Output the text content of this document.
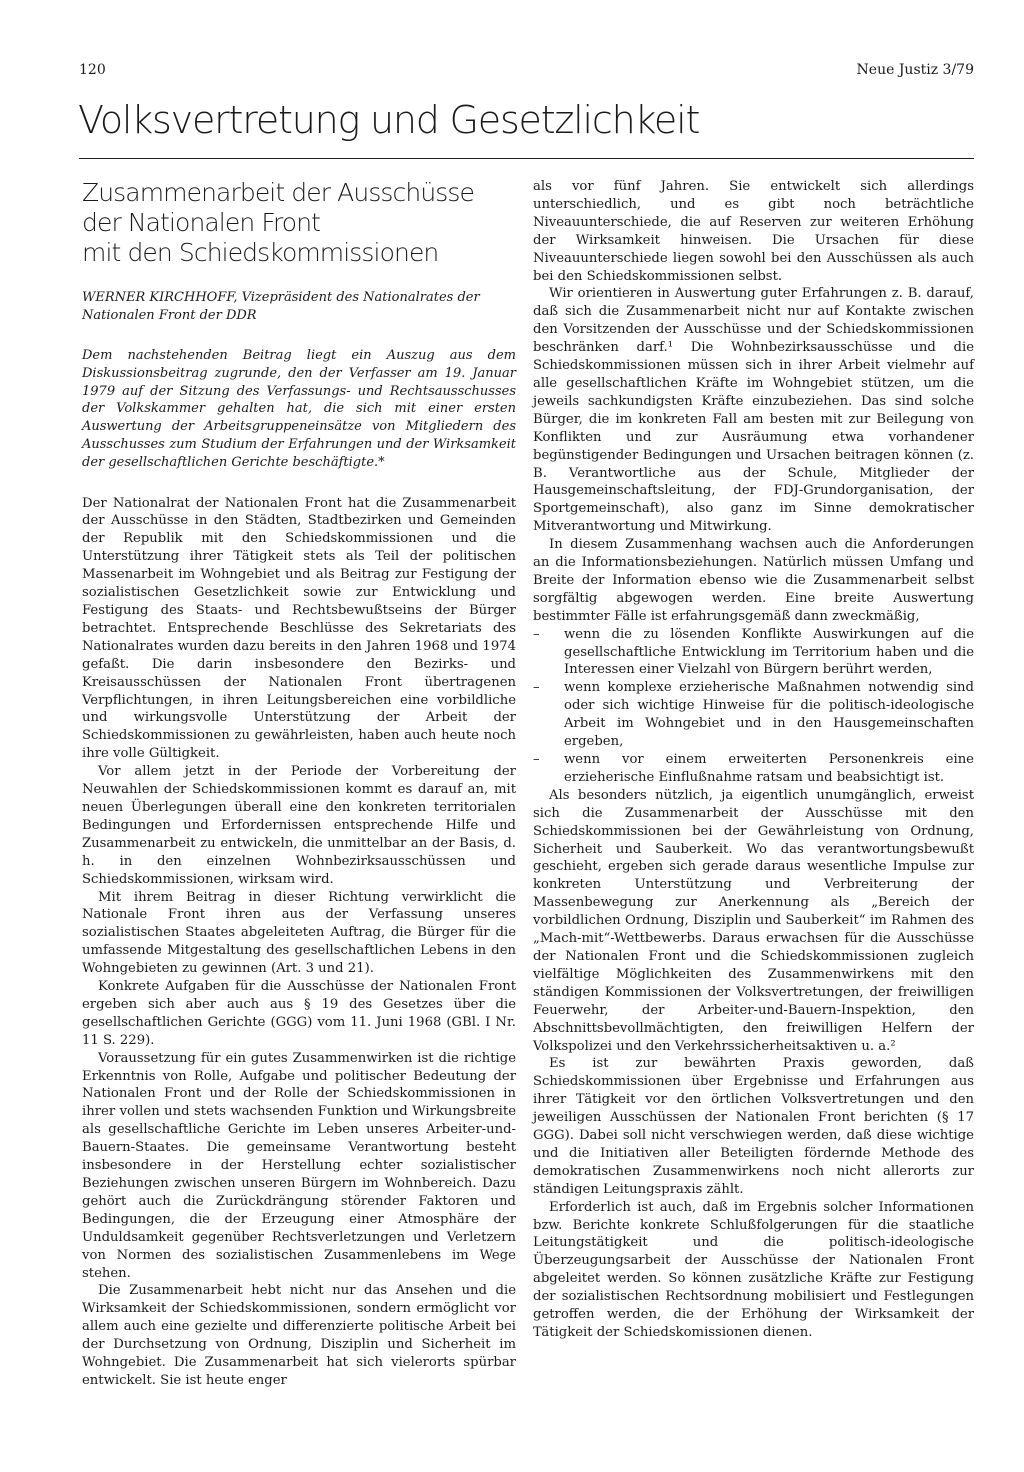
120	Neue Justiz 3/79
Volksvertretung und Gesetzlichkeit
Zusammenarbeit der Ausschüsse
der Nationalen Front
mit den Schiedskommissionen

WERNER KIRCHHOFF, Vizepräsident des Nationalrates der Nationalen Front der DDR

Dem nachstehenden Beitrag liegt ein Auszug aus dem Diskussionsbeitrag zugrunde, den der Verfasser am 19. Januar 1979 auf der Sitzung des Verfassungs- und Rechtsausschusses der Volkskammer gehalten hat, die sich mit einer ersten Auswertung der Arbeitsgruppeneinsätze von Mitgliedern des Ausschusses zum Studium der Erfahrungen und der Wirksamkeit der gesellschaftlichen Gerichte beschäftigte.*

Der Nationalrat der Nationalen Front hat die Zusammenarbeit der Ausschüsse in den Städten, Stadtbezirken und Gemeinden der Republik mit den Schiedskommissionen und die Unterstützung ihrer Tätigkeit stets als Teil der politischen Massenarbeit im Wohngebiet und als Beitrag zur Festigung der sozialistischen Gesetzlichkeit sowie zur Entwicklung und Festigung des Staats- und Rechtsbewußtseins der Bürger betrachtet. Entsprechende Beschlüsse des Sekretariats des Nationalrates wurden dazu bereits in den Jahren 1968 und 1974 gefaßt. Die darin insbesondere den Bezirks- und Kreisausschüssen der Nationalen Front übertragenen Verpflichtungen, in ihren Leitungsbereichen eine vorbildliche und wirkungsvolle Unterstützung der Arbeit der Schiedskommissionen zu gewährleisten, haben auch heute noch ihre volle Gültigkeit.

Vor allem jetzt in der Periode der Vorbereitung der Neuwahlen der Schiedskommissionen kommt es darauf an, mit neuen Überlegungen überall eine den konkreten territorialen Bedingungen und Erfordernissen entsprechende Hilfe und Zusammenarbeit zu entwickeln, die unmittelbar an der Basis, d. h. in den einzelnen Wohnbezirksausschüssen und Schiedskommissionen, wirksam wird.

Mit ihrem Beitrag in dieser Richtung verwirklicht die Nationale Front ihren aus der Verfassung unseres sozialistischen Staates abgeleiteten Auftrag, die Bürger für die umfassende Mitgestaltung des gesellschaftlichen Lebens in den Wohngebieten zu gewinnen (Art. 3 und 21).

Konkrete Aufgaben für die Ausschüsse der Nationalen Front ergeben sich aber auch aus § 19 des Gesetzes über die gesellschaftlichen Gerichte (GGG) vom 11. Juni 1968 (GBl. I Nr. 11 S. 229).

Voraussetzung für ein gutes Zusammenwirken ist die richtige Erkenntnis von Rolle, Aufgabe und politischer Bedeutung der Nationalen Front und der Rolle der Schiedskommissionen in ihrer vollen und stets wachsenden Funktion und Wirkungsbreite als gesellschaftliche Gerichte im Leben unseres Arbeiter-und-Bauern-Staates. Die gemeinsame Verantwortung besteht insbesondere in der Herstellung echter sozialistischer Beziehungen zwischen unseren Bürgern im Wohnbereich. Dazu gehört auch die Zurückdrängung störender Faktoren und Bedingungen, die der Erzeugung einer Atmosphäre der Unduldsamkeit gegenüber Rechtsverletzungen und Verletzern von Normen des sozialistischen Zusammenlebens im Wege stehen.

Die Zusammenarbeit hebt nicht nur das Ansehen und die Wirksamkeit der Schiedskommissionen, sondern ermöglicht vor allem auch eine gezielte und differenzierte politische Arbeit bei der Durchsetzung von Ordnung, Disziplin und Sicherheit im Wohngebiet. Die Zusammenarbeit hat sich vielerorts spürbar entwickelt. Sie ist heute enger

als vor fünf Jahren. Sie entwickelt sich allerdings unterschiedlich, und es gibt noch beträchtliche Niveauunterschiede, die auf Reserven zur weiteren Erhöhung der Wirksamkeit hinweisen. Die Ursachen für diese Niveauunterschiede liegen sowohl bei den Ausschüssen als auch bei den Schiedskommissionen selbst.

Wir orientieren in Auswertung guter Erfahrungen z. B. darauf, daß sich die Zusammenarbeit nicht nur auf Kontakte zwischen den Vorsitzenden der Ausschüsse und der Schiedskommissionen beschränken darf.¹ Die Wohnbezirksausschüsse und die Schiedskommissionen müssen sich in ihrer Arbeit vielmehr auf alle gesellschaftlichen Kräfte im Wohngebiet stützen, um die jeweils sachkundigsten Kräfte einzubeziehen. Das sind solche Bürger, die im konkreten Fall am besten mit zur Beilegung von Konflikten und zur Ausräumung etwa vorhandener begünstigender Bedingungen und Ursachen beitragen können (z. B. Verantwortliche aus der Schule, Mitglieder der Hausgemeinschaftsleitung, der FDJ-Grundorganisation, der Sportgemeinschaft), also ganz im Sinne demokratischer Mitverantwortung und Mitwirkung.

In diesem Zusammenhang wachsen auch die Anforderungen an die Informationsbeziehungen. Natürlich müssen Umfang und Breite der Information ebenso wie die Zusammenarbeit selbst sorgfältig abgewogen werden. Eine breite Auswertung bestimmter Fälle ist erfahrungsgemäß dann zweckmäßig,

– wenn die zu lösenden Konflikte Auswirkungen auf die gesellschaftliche Entwicklung im Territorium haben und die Interessen einer Vielzahl von Bürgern berührt werden,
– wenn komplexe erzieherische Maßnahmen notwendig sind oder sich wichtige Hinweise für die politisch-ideologische Arbeit im Wohngebiet und in den Hausgemeinschaften ergeben,
– wenn vor einem erweiterten Personenkreis eine erzieherische Einflußnahme ratsam und beabsichtigt ist.

Als besonders nützlich, ja eigentlich unumgänglich, erweist sich die Zusammenarbeit der Ausschüsse mit den Schiedskommissionen bei der Gewährleistung von Ordnung, Sicherheit und Sauberkeit. Wo das verantwortungsbewußt geschieht, ergeben sich gerade daraus wesentliche Impulse zur konkreten Unterstützung und Verbreiterung der Massenbewegung zur Anerkennung als „Bereich der vorbildlichen Ordnung, Disziplin und Sauberkeit“ im Rahmen des „Mach-mit“-Wettbewerbs. Daraus erwachsen für die Ausschüsse der Nationalen Front und die Schiedskommissionen zugleich vielfältige Möglichkeiten des Zusammenwirkens mit den ständigen Kommissionen der Volksvertretungen, der freiwilligen Feuerwehr, der Arbeiter-und-Bauern-Inspektion, den Abschnittsbevollmächtigten, den freiwilligen Helfern der Volkspolizei und den Verkehrssicherheitsaktiven u. a.²

Es ist zur bewährten Praxis geworden, daß Schiedskommissionen über Ergebnisse und Erfahrungen aus ihrer Tätigkeit vor den örtlichen Volksvertretungen und den jeweiligen Ausschüssen der Nationalen Front berichten (§ 17 GGG). Dabei soll nicht verschwiegen werden, daß diese wichtige und die Initiativen aller Beteiligten fördernde Methode des demokratischen Zusammenwirkens noch nicht allerorts zur ständigen Leitungspraxis zählt.

Erforderlich ist auch, daß im Ergebnis solcher Informationen bzw. Berichte konkrete Schlußfolgerungen für die staatliche Leitungstätigkeit und die politisch-ideologische Überzeugungsarbeit der Ausschüsse der Nationalen Front abgeleitet werden. So können zusätzliche Kräfte zur Festigung der sozialistischen Rechtsordnung mobilisiert und Festlegungen getroffen werden, die der Erhöhung der Wirksamkeit der Tätigkeit der Schiedskomissionen dienen.
